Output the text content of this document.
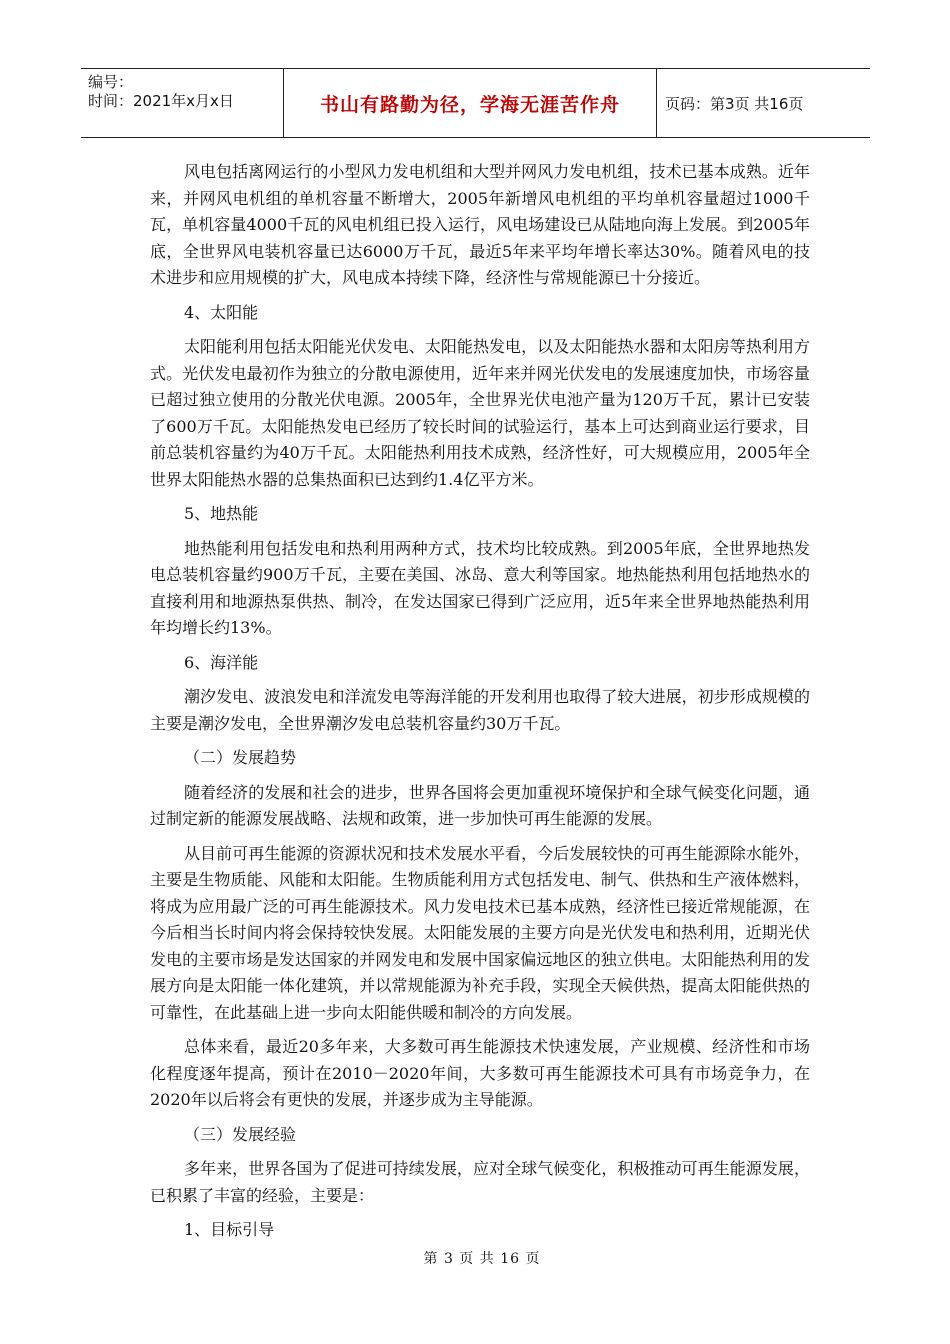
编号：
时间：2021年x月x日	书山有路勤为径，学海无涯苦作舟	页码：第3页 共16页

风电包括离网运行的小型风力发电机组和大型并网风力发电机组，技术已基本成熟。近年来，并网风电机组的单机容量不断增大，2005年新增风电机组的平均单机容量超过1000千瓦，单机容量4000千瓦的风电机组已投入运行，风电场建设已从陆地向海上发展。到2005年底，全世界风电装机容量已达6000万千瓦，最近5年来平均年增长率达30%。随着风电的技术进步和应用规模的扩大，风电成本持续下降，经济性与常规能源已十分接近。

4、太阳能

太阳能利用包括太阳能光伏发电、太阳能热发电，以及太阳能热水器和太阳房等热利用方式。光伏发电最初作为独立的分散电源使用，近年来并网光伏发电的发展速度加快，市场容量已超过独立使用的分散光伏电源。2005年，全世界光伏电池产量为120万千瓦，累计已安装了600万千瓦。太阳能热发电已经历了较长时间的试验运行，基本上可达到商业运行要求，目前总装机容量约为40万千瓦。太阳能热利用技术成熟，经济性好，可大规模应用，2005年全世界太阳能热水器的总集热面积已达到约1.4亿平方米。

5、地热能

地热能利用包括发电和热利用两种方式，技术均比较成熟。到2005年底，全世界地热发电总装机容量约900万千瓦，主要在美国、冰岛、意大利等国家。地热能热利用包括地热水的直接利用和地源热泵供热、制冷，在发达国家已得到广泛应用，近5年来全世界地热能热利用年均增长约13%。

6、海洋能

潮汐发电、波浪发电和洋流发电等海洋能的开发利用也取得了较大进展，初步形成规模的主要是潮汐发电，全世界潮汐发电总装机容量约30万千瓦。

（二）发展趋势

随着经济的发展和社会的进步，世界各国将会更加重视环境保护和全球气候变化问题，通过制定新的能源发展战略、法规和政策，进一步加快可再生能源的发展。

从目前可再生能源的资源状况和技术发展水平看，今后发展较快的可再生能源除水能外，主要是生物质能、风能和太阳能。生物质能利用方式包括发电、制气、供热和生产液体燃料，将成为应用最广泛的可再生能源技术。风力发电技术已基本成熟，经济性已接近常规能源，在今后相当长时间内将会保持较快发展。太阳能发展的主要方向是光伏发电和热利用，近期光伏发电的主要市场是发达国家的并网发电和发展中国家偏远地区的独立供电。太阳能热利用的发展方向是太阳能一体化建筑，并以常规能源为补充手段，实现全天候供热，提高太阳能供热的可靠性，在此基础上进一步向太阳能供暖和制冷的方向发展。

总体来看，最近20多年来，大多数可再生能源技术快速发展，产业规模、经济性和市场化程度逐年提高，预计在2010－2020年间，大多数可再生能源技术可具有市场竞争力，在2020年以后将会有更快的发展，并逐步成为主导能源。

（三）发展经验

多年来，世界各国为了促进可持续发展，应对全球气候变化，积极推动可再生能源发展，已积累了丰富的经验，主要是：

1、目标引导

第 3 页 共 16 页
